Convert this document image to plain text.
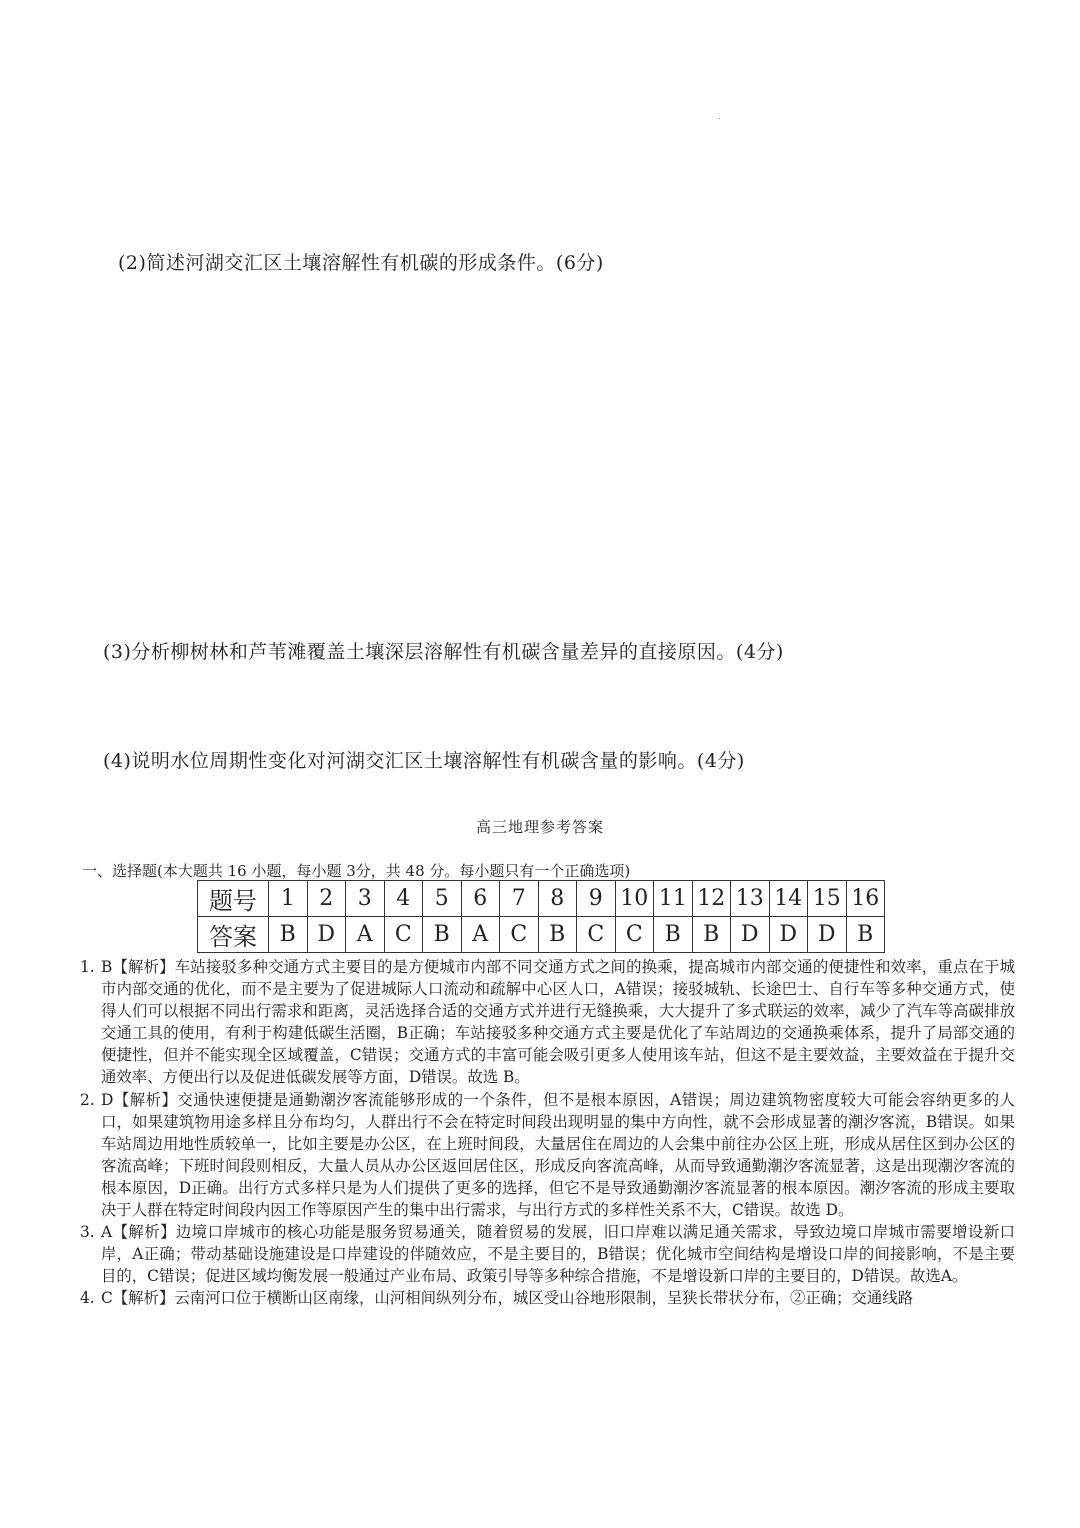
(2)简述河湖交汇区土壤溶解性有机碳的形成条件。(6分)
(3)分析柳树林和芦苇滩覆盖土壤深层溶解性有机碳含量差异的直接原因。(4分)
(4)说明水位周期性变化对河湖交汇区土壤溶解性有机碳含量的影响。(4分)
高三地理参考答案
一、选择题(本大题共 16 小题，每小题 3分，共 48 分。每小题只有一个正确选项)
题号	1	2	3	4	5	6	7	8	9	10	11	12	13	14	15	16
答案	B	D	A	C	B	A	C	B	C	C	B	B	D	D	D	B
1. B【解析】车站接驳多种交通方式主要目的是方便城市内部不同交通方式之间的换乘，提高城市内部交通的便捷性和效率，重点在于城市内部交通的优化，而不是主要为了促进城际人口流动和疏解中心区人口，A错误；接驳城轨、长途巴士、自行车等多种交通方式，使得人们可以根据不同出行需求和距离，灵活选择合适的交通方式并进行无缝换乘，大大提升了多式联运的效率，减少了汽车等高碳排放交通工具的使用，有利于构建低碳生活圈，B正确；车站接驳多种交通方式主要是优化了车站周边的交通换乘体系，提升了局部交通的便捷性，但并不能实现全区域覆盖，C错误；交通方式的丰富可能会吸引更多人使用该车站，但这不是主要效益，主要效益在于提升交通效率、方便出行以及促进低碳发展等方面，D错误。故选 B。
2. D【解析】交通快速便捷是通勤潮汐客流能够形成的一个条件，但不是根本原因，A错误；周边建筑物密度较大可能会容纳更多的人口，如果建筑物用途多样且分布均匀，人群出行不会在特定时间段出现明显的集中方向性，就不会形成显著的潮汐客流，B错误。如果车站周边用地性质较单一，比如主要是办公区，在上班时间段，大量居住在周边的人会集中前往办公区上班，形成从居住区到办公区的客流高峰；下班时间段则相反，大量人员从办公区返回居住区，形成反向客流高峰，从而导致通勤潮汐客流显著，这是出现潮汐客流的根本原因，D正确。出行方式多样只是为人们提供了更多的选择，但它不是导致通勤潮汐客流显著的根本原因。潮汐客流的形成主要取决于人群在特定时间段内因工作等原因产生的集中出行需求，与出行方式的多样性关系不大，C错误。故选 D。
3. A【解析】边境口岸城市的核心功能是服务贸易通关，随着贸易的发展，旧口岸难以满足通关需求，导致边境口岸城市需要增设新口岸，A正确；带动基础设施建设是口岸建设的伴随效应，不是主要目的，B错误；优化城市空间结构是增设口岸的间接影响，不是主要目的，C错误；促进区域均衡发展一般通过产业布局、政策引导等多种综合措施，不是增设新口岸的主要目的，D错误。故选Α。
4. C【解析】云南河口位于横断山区南缘，山河相间纵列分布，城区受山谷地形限制，呈狭长带状分布，②正确；交通线路
